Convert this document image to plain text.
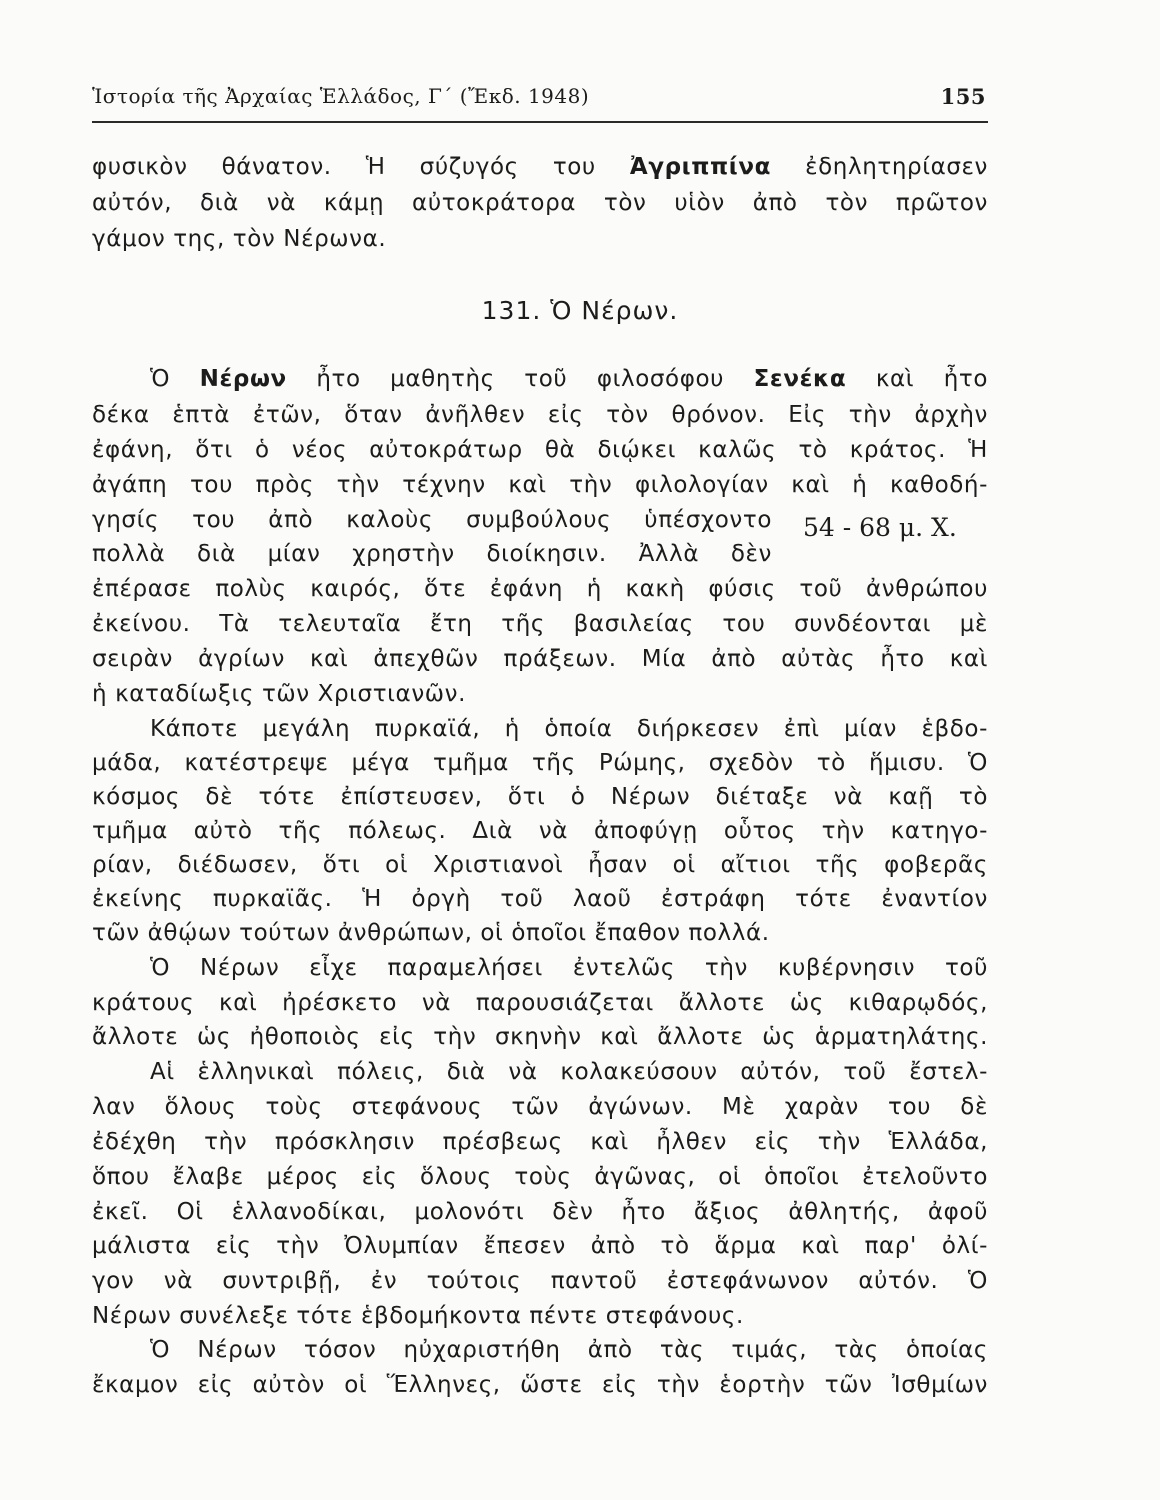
Ἱστορία τῆς Ἀρχαίας Ἑλλάδος, Γ΄ (Ἔκδ. 1948)	155
φυσικὸν θάνατον. Ἡ σύζυγός του Ἀγριππίνα ἐδηλητηρίασεν
αὐτόν, διὰ νὰ κάμῃ αὐτοκράτορα τὸν υἱὸν ἀπὸ τὸν πρῶτον
γάμον της, τὸν Νέρωνα.
131. Ὁ Νέρων.
Ὁ Νέρων ἦτο μαθητὴς τοῦ φιλοσόφου Σενέκα καὶ ἦτο
δέκα ἑπτὰ ἐτῶν, ὅταν ἀνῆλθεν εἰς τὸν θρόνον. Εἰς τὴν ἀρχὴν
ἐφάνη, ὅτι ὁ νέος αὐτοκράτωρ θὰ διῴκει καλῶς τὸ κράτος. Ἡ
ἀγάπη του πρὸς τὴν τέχνην καὶ τὴν φιλολογίαν καὶ ἡ καθοδή-
γησίς του ἀπὸ καλοὺς συμβούλους ὑπέσχοντο
πολλὰ διὰ μίαν χρηστὴν διοίκησιν. Ἀλλὰ δὲν
54 - 68 μ. Χ.
ἐπέρασε πολὺς καιρός, ὅτε ἐφάνη ἡ κακὴ φύσις τοῦ ἀνθρώπου
ἐκείνου. Τὰ τελευταῖα ἔτη τῆς βασιλείας του συνδέονται μὲ
σειρὰν ἀγρίων καὶ ἀπεχθῶν πράξεων. Μία ἀπὸ αὐτὰς ἦτο καὶ
ἡ καταδίωξις τῶν Χριστιανῶν.
Κάποτε μεγάλη πυρκαϊά, ἡ ὁποία διήρκεσεν ἐπὶ μίαν ἑβδο-
μάδα, κατέστρεψε μέγα τμῆμα τῆς Ρώμης, σχεδὸν τὸ ἥμισυ. Ὁ
κόσμος δὲ τότε ἐπίστευσεν, ὅτι ὁ Νέρων διέταξε νὰ καῇ τὸ
τμῆμα αὐτὸ τῆς πόλεως. Διὰ νὰ ἀποφύγῃ οὗτος τὴν κατηγο-
ρίαν, διέδωσεν, ὅτι οἱ Χριστιανοὶ ἦσαν οἱ αἴτιοι τῆς φοβερᾶς
ἐκείνης πυρκαϊᾶς. Ἡ ὀργὴ τοῦ λαοῦ ἐστράφη τότε ἐναντίον
τῶν ἀθῴων τούτων ἀνθρώπων, οἱ ὁποῖοι ἔπαθον πολλά.
Ὁ Νέρων εἶχε παραμελήσει ἐντελῶς τὴν κυβέρνησιν τοῦ
κράτους καὶ ἠρέσκετο νὰ παρουσιάζεται ἄλλοτε ὡς κιθαρῳδός,
ἄλλοτε ὡς ἠθοποιὸς εἰς τὴν σκηνὴν καὶ ἄλλοτε ὡς ἁρματηλάτης.
Αἱ ἑλληνικαὶ πόλεις, διὰ νὰ κολακεύσουν αὐτόν, τοῦ ἔστελ-
λαν ὅλους τοὺς στεφάνους τῶν ἀγώνων. Μὲ χαρὰν του δὲ
ἐδέχθη τὴν πρόσκλησιν πρέσβεως καὶ ἦλθεν εἰς τὴν Ἑλλάδα,
ὅπου ἔλαβε μέρος εἰς ὅλους τοὺς ἀγῶνας, οἱ ὁποῖοι ἐτελοῦντο
ἐκεῖ. Οἱ ἑλλανοδίκαι, μολονότι δὲν ἦτο ἄξιος ἀθλητής, ἀφοῦ
μάλιστα εἰς τὴν Ὀλυμπίαν ἔπεσεν ἀπὸ τὸ ἅρμα καὶ παρ' ὀλί-
γον νὰ συντριβῇ, ἐν τούτοις παντοῦ ἐστεφάνωνον αὐτόν. Ὁ
Νέρων συνέλεξε τότε ἑβδομήκοντα πέντε στεφάνους.
Ὁ Νέρων τόσον ηὐχαριστήθη ἀπὸ τὰς τιμάς, τὰς ὁποίας
ἔκαμον εἰς αὐτὸν οἱ Ἕλληνες, ὥστε εἰς τὴν ἑορτὴν τῶν Ἰσθμίων
